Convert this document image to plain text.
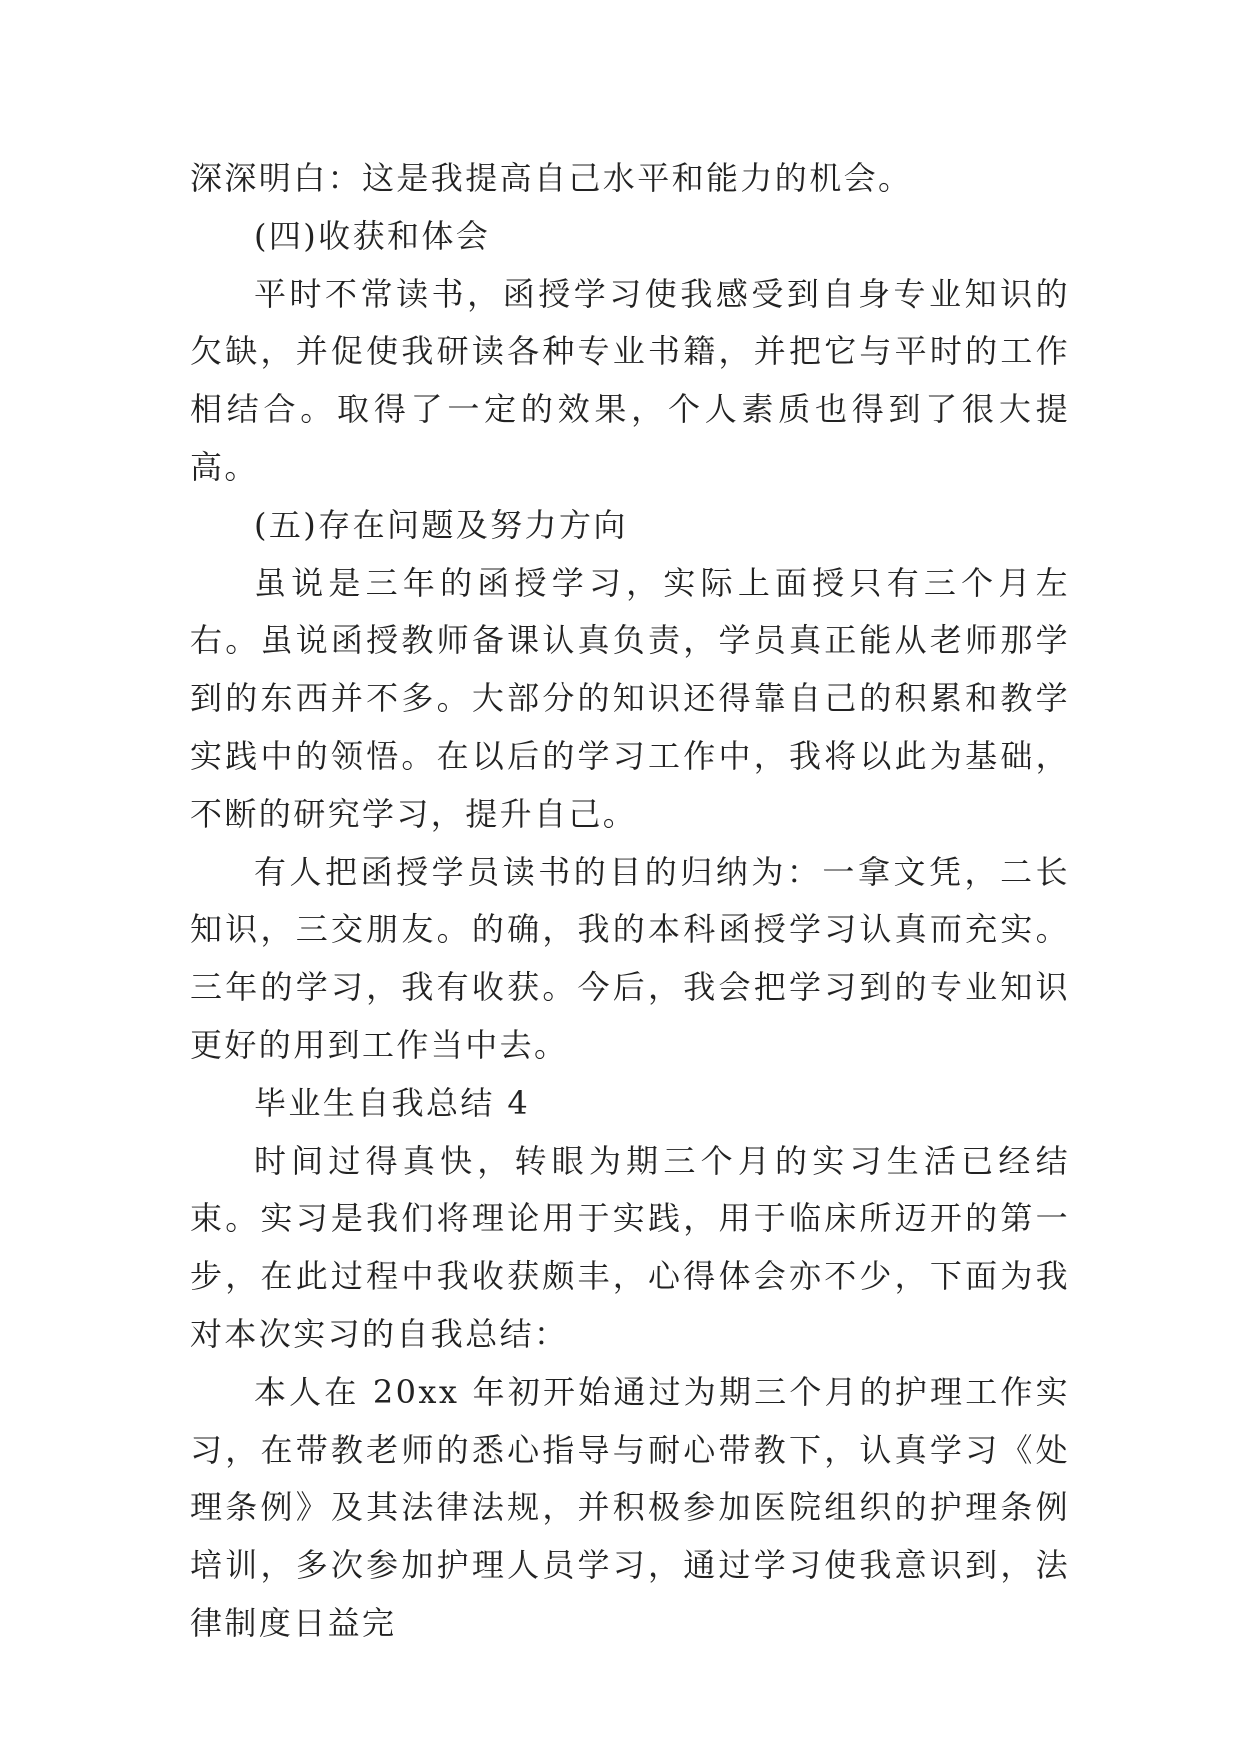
深深明白：这是我提高自己水平和能力的机会。

(四)收获和体会

平时不常读书，函授学习使我感受到自身专业知识的欠缺，并促使我研读各种专业书籍，并把它与平时的工作相结合。取得了一定的效果，个人素质也得到了很大提高。

(五)存在问题及努力方向

虽说是三年的函授学习，实际上面授只有三个月左右。虽说函授教师备课认真负责，学员真正能从老师那学到的东西并不多。大部分的知识还得靠自己的积累和教学实践中的领悟。在以后的学习工作中，我将以此为基础，不断的研究学习，提升自己。

有人把函授学员读书的目的归纳为：一拿文凭，二长知识，三交朋友。的确，我的本科函授学习认真而充实。三年的学习，我有收获。今后，我会把学习到的专业知识更好的用到工作当中去。

毕业生自我总结 4

时间过得真快，转眼为期三个月的实习生活已经结束。实习是我们将理论用于实践，用于临床所迈开的第一步，在此过程中我收获颇丰，心得体会亦不少，下面为我对本次实习的自我总结：

本人在 20xx 年初开始通过为期三个月的护理工作实习，在带教老师的悉心指导与耐心带教下，认真学习《处理条例》及其法律法规，并积极参加医院组织的护理条例培训，多次参加护理人员学习，通过学习使我意识到，法律制度日益完
